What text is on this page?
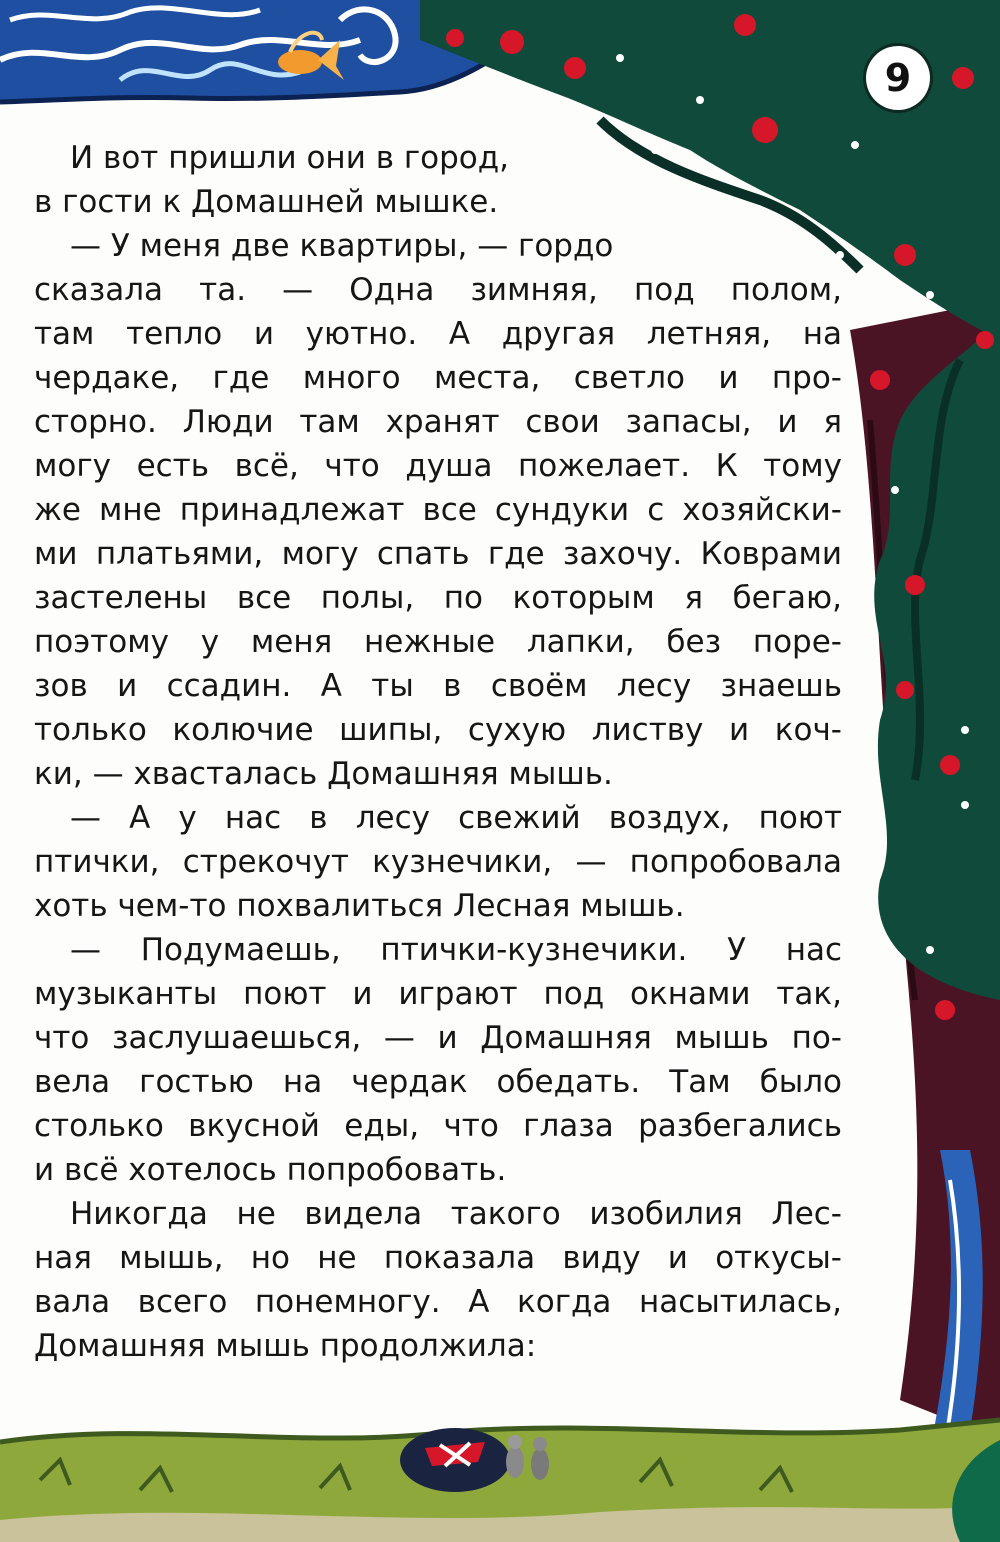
9
И вот пришли они в город,
в гости к Домашней мышке.
— У меня две квартиры, — гордо
сказала та. — Одна зимняя, под полом,
там тепло и уютно. А другая летняя, на
чердаке, где много места, светло и про-
сторно. Люди там хранят свои запасы, и я
могу есть всё, что душа пожелает. К тому
же мне принадлежат все сундуки с хозяйски-
ми платьями, могу спать где захочу. Коврами
застелены все полы, по которым я бегаю,
поэтому у меня нежные лапки, без поре-
зов и ссадин. А ты в своём лесу знаешь
только колючие шипы, сухую листву и коч-
ки, — хвасталась Домашняя мышь.
— А у нас в лесу свежий воздух, поют
птички, стрекочут кузнечики, — попробовала
хоть чем-то похвалиться Лесная мышь.
— Подумаешь, птички-кузнечики. У нас
музыканты поют и играют под окнами так,
что заслушаешься, — и Домашняя мышь по-
вела гостью на чердак обедать. Там было
столько вкусной еды, что глаза разбегались
и всё хотелось попробовать.
Никогда не видела такого изобилия Лес-
ная мышь, но не показала виду и откусы-
вала всего понемногу. А когда насытилась,
Домашняя мышь продолжила:
